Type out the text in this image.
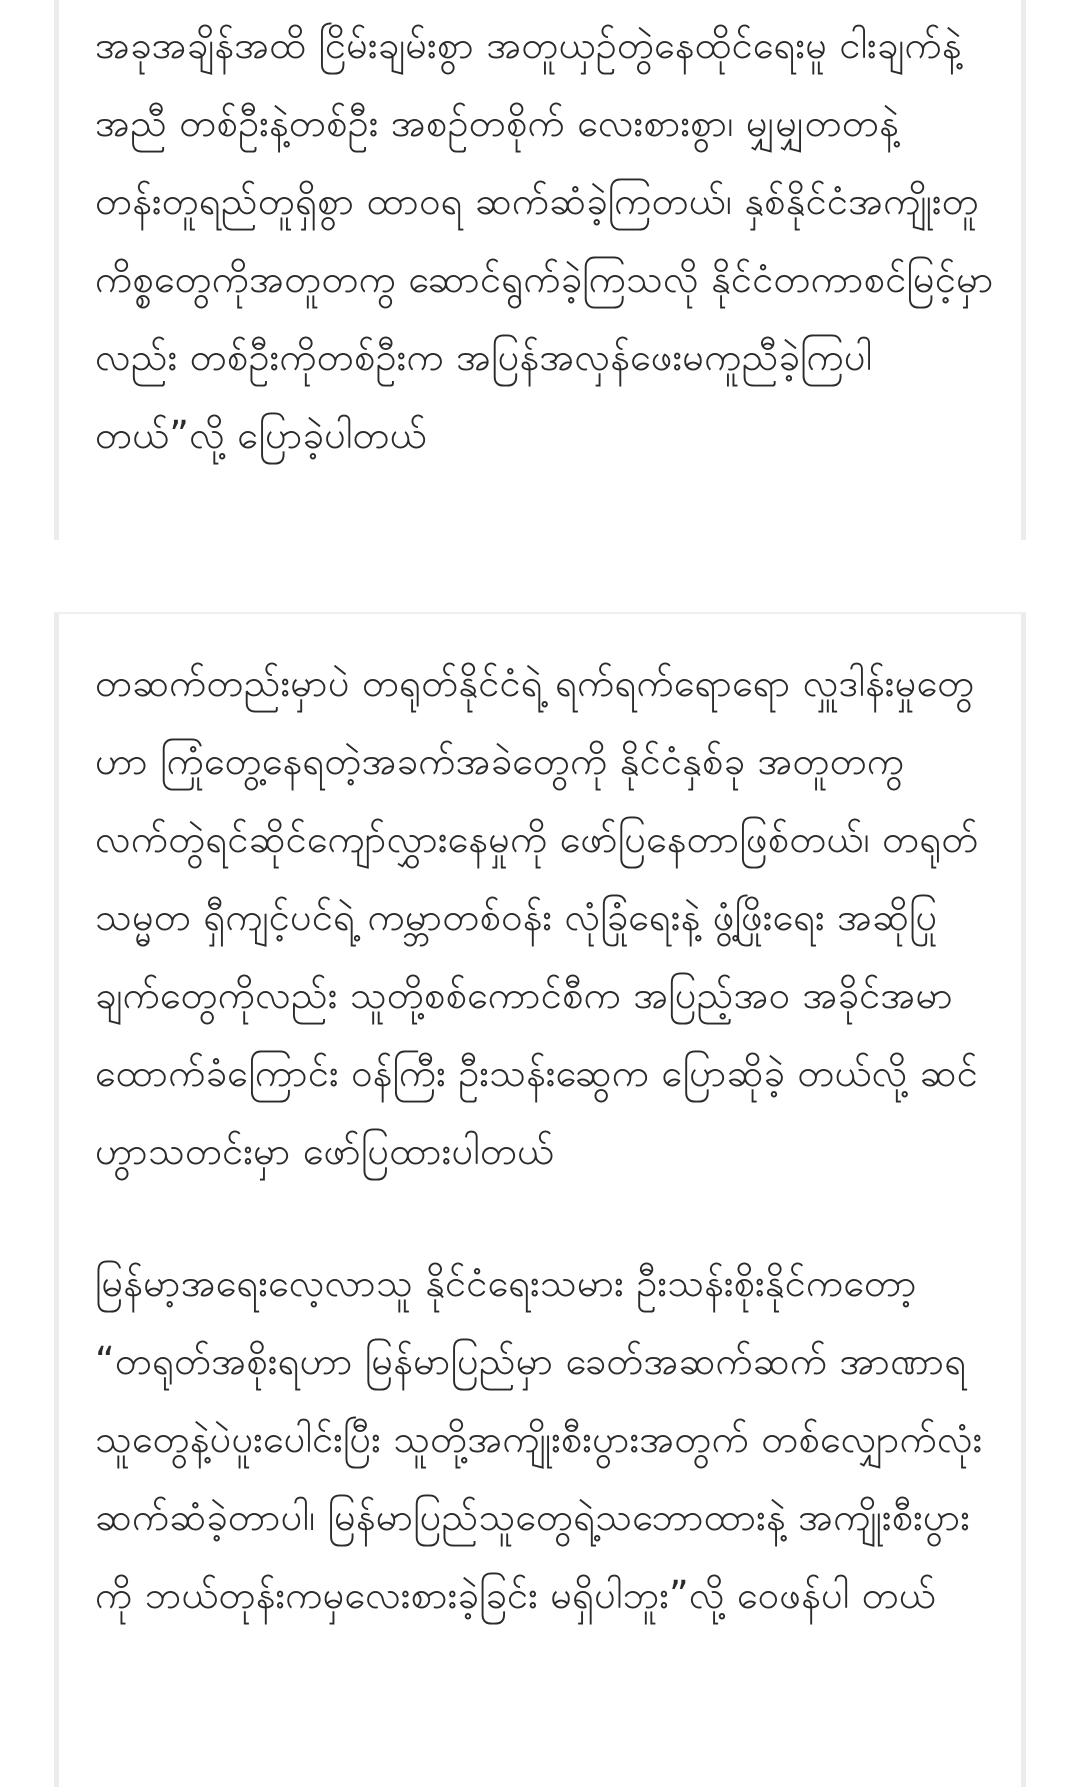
အခုအချိန်အထိ ငြိမ်းချမ်းစွာ အတူယှဉ်တွဲနေထိုင်ရေးမူ ငါးချက်နဲ့အညီ တစ်ဦးနဲ့တစ်ဦး အစဉ်တစိုက် လေးစားစွာ၊ မျှမျှတတနဲ့ တန်းတူရည်တူရှိစွာ ထာဝရ ဆက်ဆံခဲ့ကြတယ်၊ နှစ်နိုင်ငံအကျိုးတူကိစ္စတွေကိုအတူတကွ ဆောင်ရွက်ခဲ့ကြသလို နိုင်ငံတကာစင်မြင့်မှာလည်း တစ်ဦးကိုတစ်ဦးက အပြန်အလှန်ဖေးမကူညီခဲ့ကြပါ တယ်”လို့ ပြောခဲ့ပါတယ်

တဆက်တည်းမှာပဲ တရုတ်နိုင်ငံရဲ့ ရက်ရက်ရောရော လှူဒါန်းမှုတွေဟာ ကြုံတွေ့နေရတဲ့အခက်အခဲတွေကို နိုင်ငံနှစ်ခု အတူတကွ လက်တွဲရင်ဆိုင်ကျော်လွှားနေမှုကို ဖော်ပြနေတာဖြစ်တယ်၊ တရုတ်သမ္မတ ရှီကျင့်ပင်ရဲ့ ကမ္ဘာတစ်ဝန်း လုံခြုံရေးနဲ့ ဖွံ့ဖြိုးရေး အဆိုပြုချက်တွေကိုလည်း သူတို့စစ်ကောင်စီက အပြည့်အဝ အခိုင်အမာ ထောက်ခံကြောင်း ဝန်ကြီး ဦးသန်းဆွေက ပြောဆိုခဲ့ တယ်လို့ ဆင်ဟွာသတင်းမှာ ဖော်ပြထားပါတယ်

မြန်မာ့အရေးလေ့လာသူ နိုင်ငံရေးသမား ဦးသန်းစိုးနိုင်ကတော့ “တရုတ်အစိုးရဟာ မြန်မာပြည်မှာ ခေတ်အဆက်ဆက် အာဏာရသူတွေနဲ့ပဲပူးပေါင်းပြီး သူတို့အကျိုးစီးပွားအတွက် တစ်လျှောက်လုံးဆက်ဆံခဲ့တာပါ၊ မြန်မာပြည်သူတွေရဲ့သဘောထားနဲ့ အကျိုးစီးပွားကို ဘယ်တုန်းကမှလေးစားခဲ့ခြင်း မရှိပါဘူး”လို့ ဝေဖန်ပါ တယ်
